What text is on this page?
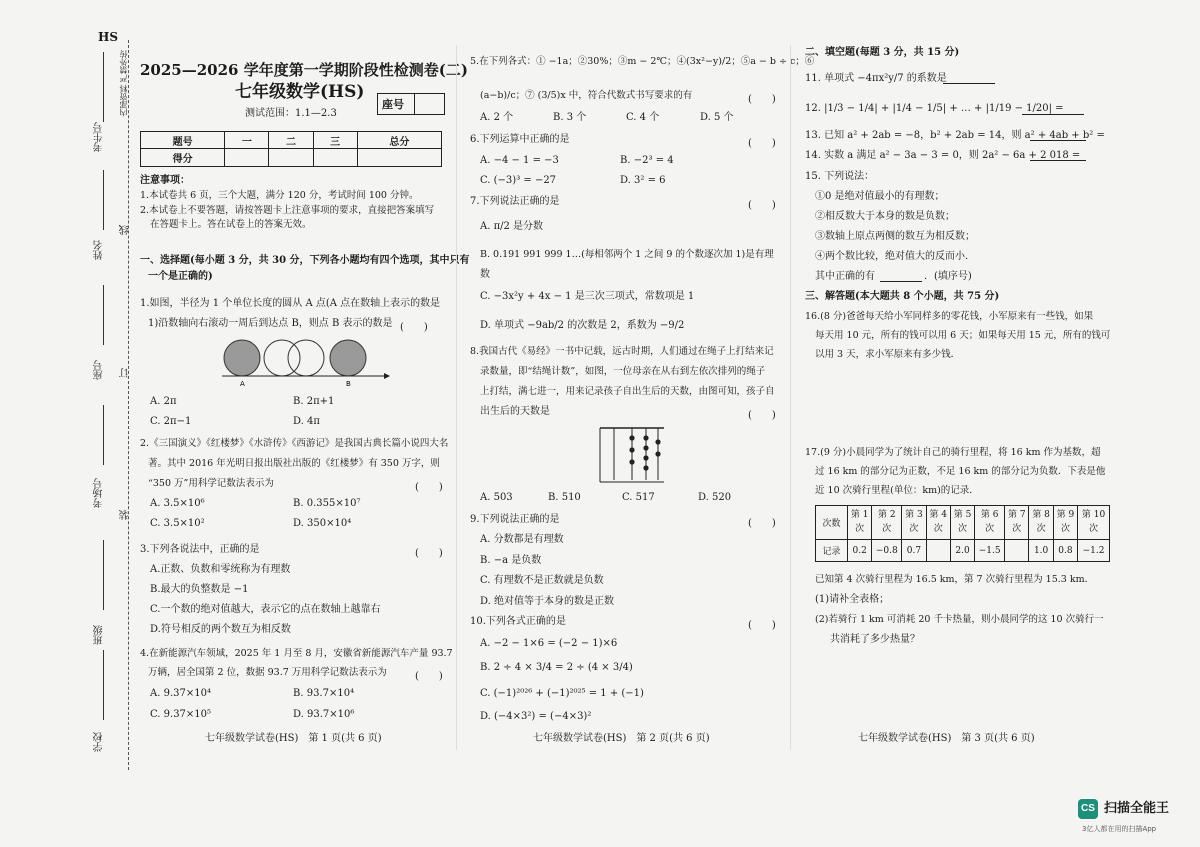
HS
内部资料 严禁外传
考生号
姓名
线
座号 订
考场号
装
班级
学校
2025—2026 学年度第一学期阶段性检测卷(二)
七年级数学(HS)
座号
测试范围：1.1—2.3
题号	一	二	三	总分
得分				
注意事项：
1.本试卷共 6 页，三个大题，满分 120 分，考试时间 100 分钟。
2.本试卷上不要答题，请按答题卡上注意事项的要求，直接把答案填写
在答题卡上。答在试卷上的答案无效。
一、选择题(每小题 3 分，共 30 分，下列各小题均有四个选项，其中只有
一个是正确的)
1.如图，半径为 1 个单位长度的圆从 A 点(A 点在数轴上表示的数是
1)沿数轴向右滚动一周后到达点 B，则点 B 表示的数是 (　　)
A	B
A. 2π	B. 2π+1
C. 2π−1	D. 4π
2.《三国演义》《红楼梦》《水浒传》《西游记》是我国古典长篇小说四大名
著。其中 2016 年光明日报出版社出版的《红楼梦》有 350 万字，则
“350 万”用科学记数法表示为	(　　)
A. 3.5×10⁶	B. 0.355×10⁷
C. 3.5×10²	D. 350×10⁴
3.下列各说法中，正确的是	(　　)
A.正数、负数和零统称为有理数
B.最大的负整数是 −1
C.一个数的绝对值越大，表示它的点在数轴上越靠右
D.符号相反的两个数互为相反数
4.在新能源汽车领域，2025 年 1 月至 8 月，安徽省新能源汽车产量 93.7
万辆，居全国第 2 位，数据 93.7 万用科学记数法表示为	(　　)
A. 9.37×10⁴	B. 93.7×10⁴
C. 9.37×10⁵	D. 93.7×10⁶
七年级数学试卷(HS)　第 1 页(共 6 页)
5.在下列各式：① −1a；②30%；③m − 2℃；④(3x²−y)/2；⑤a − b ÷ c；⑥
(a−b)/c；⑦ (3/5)x 中，符合代数式书写要求的有	(　　)
A. 2 个	B. 3 个	C. 4 个	D. 5 个
6.下列运算中正确的是	(　　)
A. −4 − 1 = −3	B. −2³ = 4
C. (−3)³ = −27	D. 3² = 6
7.下列说法正确的是	(　　)
A. π/2 是分数
B. 0.191 991 999 1…(每相邻两个 1 之间 9 的个数逐次加 1)是有理
数
C. −3x²y + 4x − 1 是三次三项式，常数项是 1
D. 单项式 −9ab/2 的次数是 2，系数为 −9/2
8.我国古代《易经》一书中记载，远古时期，人们通过在绳子上打结来记
录数量，即“结绳计数”，如图，一位母亲在从右到左依次排列的绳子
上打结，满七进一，用来记录孩子自出生后的天数，由图可知，孩子自
出生后的天数是	(　　)
A. 503	B. 510	C. 517	D. 520
9.下列说法正确的是	(　　)
A. 分数都是有理数
B. −a 是负数
C. 有理数不是正数就是负数
D. 绝对值等于本身的数是正数
10.下列各式正确的是	(　　)
A. −2 − 1×6 = (−2 − 1)×6
B. 2 ÷ 4 × 3/4 = 2 ÷ (4 × 3/4)
C. (−1)²⁰²⁶ + (−1)²⁰²⁵ = 1 + (−1)
D. (−4×3²) = (−4×3)²
七年级数学试卷(HS)　第 2 页(共 6 页)
二、填空题(每题 3 分，共 15 分)
11. 单项式 −4πx²y/7 的系数是
12. |1/3 − 1/4| + |1/4 − 1/5| + … + |1/19 − 1/20| =
13. 已知 a² + 2ab = −8，b² + 2ab = 14，则 a² + 4ab + b² =
14. 实数 a 满足 a² − 3a − 3 = 0，则 2a² − 6a + 2 018 =
15. 下列说法：
①0 是绝对值最小的有理数；
②相反数大于本身的数是负数；
③数轴上原点两侧的数互为相反数；
④两个数比较，绝对值大的反而小．
其中正确的有	．(填序号)
三、解答题(本大题共 8 个小题，共 75 分)
16.(8 分)爸爸每天给小军同样多的零花钱，小军原来有一些钱，如果
每天用 10 元，所有的钱可以用 6 天；如果每天用 15 元，所有的钱可
以用 3 天，求小军原来有多少钱．
17.(9 分)小晨同学为了统计自己的骑行里程，将 16 km 作为基数，超
过 16 km 的部分记为正数，不足 16 km 的部分记为负数．下表是他
近 10 次骑行里程(单位：km)的记录．
次数	第 1
次	第 2
次	第 3
次	第 4
次	第 5
次	第 6
次	第 7
次	第 8
次	第 9
次	第 10
次
记录	0.2	−0.8	0.7		2.0	−1.5		1.0	0.8	−1.2
已知第 4 次骑行里程为 16.5 km，第 7 次骑行里程为 15.3 km．
(1)请补全表格；
(2)若骑行 1 km 可消耗 20 千卡热量，则小晨同学的这 10 次骑行一
共消耗了多少热量？
七年级数学试卷(HS)　第 3 页(共 6 页)
CS 扫描全能王
3亿人都在用的扫描App
